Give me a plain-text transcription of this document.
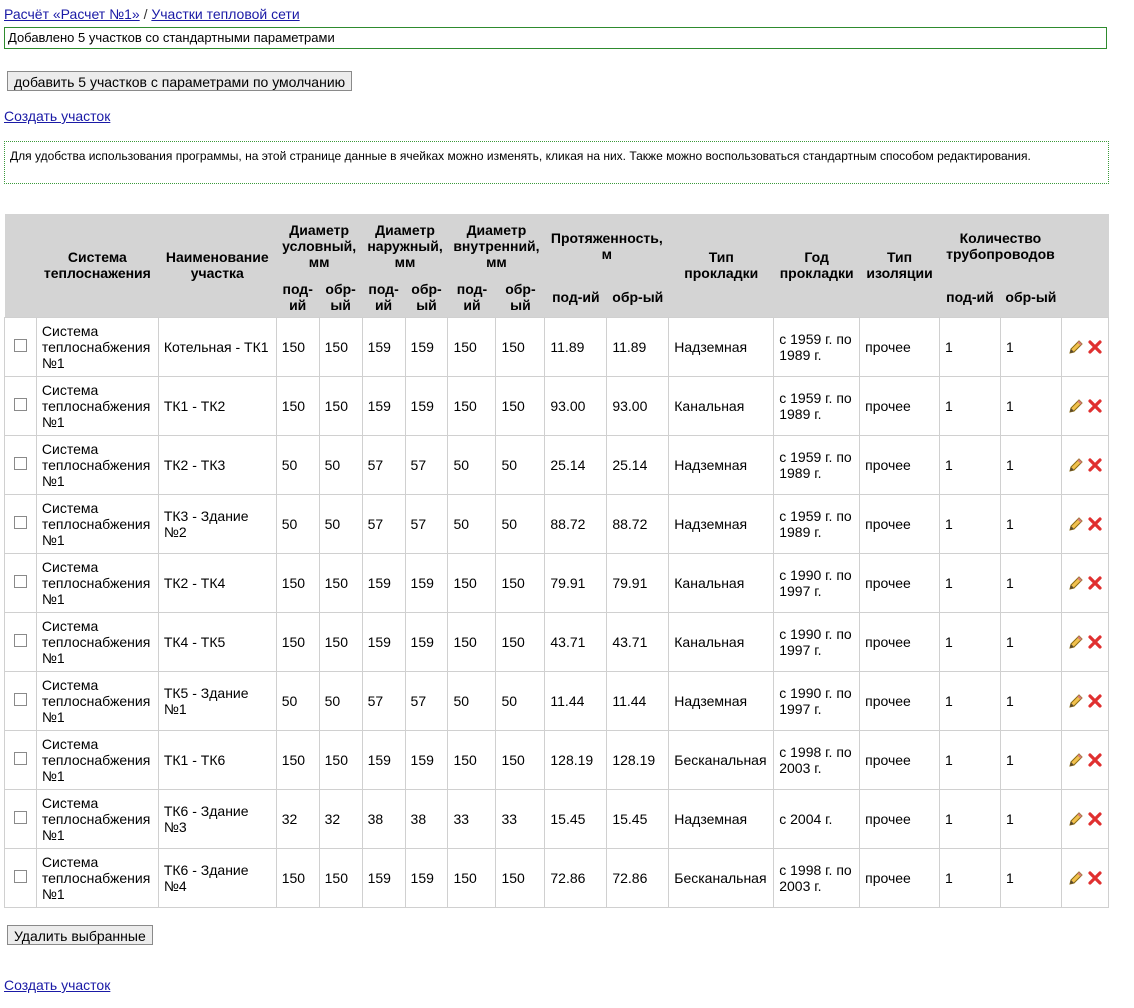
Расчёт «Расчет №1» / Участки тепловой сети
Добавлено 5 участков со стандартными параметрами
добавить 5 участков с параметрами по умолчанию
Создать участок
Для удобства использования программы, на этой странице данные в ячейках можно изменять, кликая на них. Также можно воспользоваться стандартным способом редактирования.
	Система теплоснажения	Наименование участка	Диаметр условный, мм		Диаметр наружный, мм		Диаметр внутренний, мм		Протяженность, м		Тип прокладки	Год прокладки	Тип изоляции	Количество трубопроводов		
			под-ий	обр-ый	под-ий	обр-ый	под-ий	обр-ый	под-ий	обр-ый				под-ий	обр-ый	
	Система теплоснабжения №1	Котельная - ТК1	150	150	159	159	150	150	11.89	11.89	Надземная	с 1959 г. по 1989 г.	прочее	1	1	
	Система теплоснабжения №1	ТК1 - ТК2	150	150	159	159	150	150	93.00	93.00	Канальная	с 1959 г. по 1989 г.	прочее	1	1	
	Система теплоснабжения №1	ТК2 - ТК3	50	50	57	57	50	50	25.14	25.14	Надземная	с 1959 г. по 1989 г.	прочее	1	1	
	Система теплоснабжения №1	ТК3 - Здание №2	50	50	57	57	50	50	88.72	88.72	Надземная	с 1959 г. по 1989 г.	прочее	1	1	
	Система теплоснабжения №1	ТК2 - ТК4	150	150	159	159	150	150	79.91	79.91	Канальная	с 1990 г. по 1997 г.	прочее	1	1	
	Система теплоснабжения №1	ТК4 - ТК5	150	150	159	159	150	150	43.71	43.71	Канальная	с 1990 г. по 1997 г.	прочее	1	1	
	Система теплоснабжения №1	ТК5 - Здание №1	50	50	57	57	50	50	11.44	11.44	Надземная	с 1990 г. по 1997 г.	прочее	1	1	
	Система теплоснабжения №1	ТК1 - ТК6	150	150	159	159	150	150	128.19	128.19	Бесканальная	с 1998 г. по 2003 г.	прочее	1	1	
	Система теплоснабжения №1	ТК6 - Здание №3	32	32	38	38	33	33	15.45	15.45	Надземная	с 2004 г.	прочее	1	1	
	Система теплоснабжения №1	ТК6 - Здание №4	150	150	159	159	150	150	72.86	72.86	Бесканальная	с 1998 г. по 2003 г.	прочее	1	1	
Удалить выбранные
Создать участок
